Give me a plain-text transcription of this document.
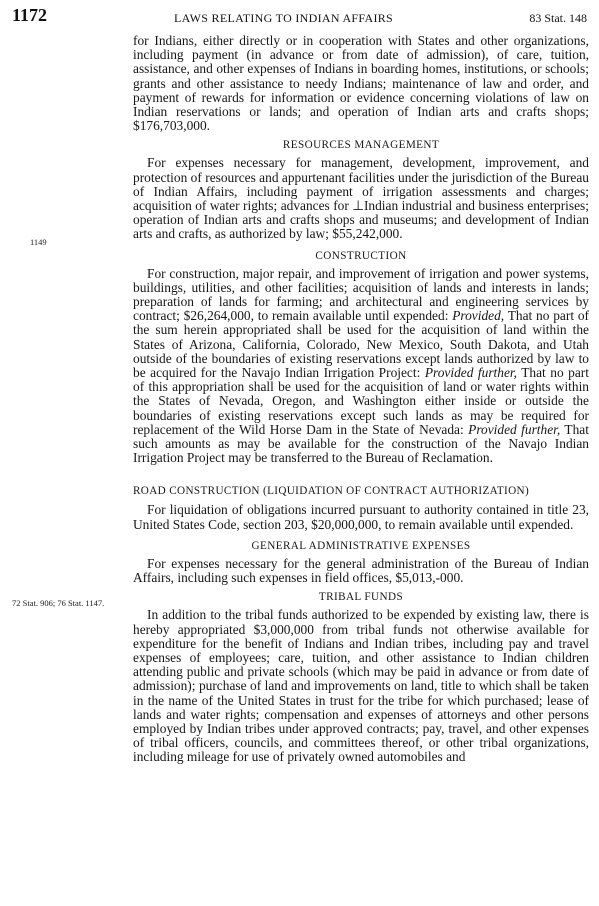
1172	LAWS RELATING TO INDIAN AFFAIRS	83 Stat. 148
1149
72 Stat. 906; 76 Stat. 1147.

for Indians, either directly or in cooperation with States and other organizations, including payment (in advance or from date of admission), of care, tuition, assistance, and other expenses of Indians in boarding homes, institutions, or schools; grants and other assistance to needy Indians; maintenance of law and order, and payment of rewards for information or evidence concerning violations of law on Indian reservations or lands; and operation of Indian arts and crafts shops; $176,703,000.

RESOURCES MANAGEMENT

For expenses necessary for management, development, improvement, and protection of resources and appurtenant facilities under the jurisdiction of the Bureau of Indian Affairs, including payment of irrigation assessments and charges; acquisition of water rights; advances for ⊥Indian industrial and business enterprises; operation of Indian arts and crafts shops and museums; and development of Indian arts and crafts, as authorized by law; $55,242,000.

CONSTRUCTION

For construction, major repair, and improvement of irrigation and power systems, buildings, utilities, and other facilities; acquisition of lands and interests in lands; preparation of lands for farming; and architectural and engineering services by contract; $26,264,000, to remain available until expended: Provided, That no part of the sum herein appropriated shall be used for the acquisition of land within the States of Arizona, California, Colorado, New Mexico, South Dakota, and Utah outside of the boundaries of existing reservations except lands authorized by law to be acquired for the Navajo Indian Irrigation Project: Provided further, That no part of this appropriation shall be used for the acquisition of land or water rights within the States of Nevada, Oregon, and Washington either inside or outside the boundaries of existing reservations except such lands as may be required for replacement of the Wild Horse Dam in the State of Nevada: Provided further, That such amounts as may be available for the construction of the Navajo Indian Irrigation Project may be transferred to the Bureau of Reclamation.

ROAD CONSTRUCTION (LIQUIDATION OF CONTRACT AUTHORIZATION)

For liquidation of obligations incurred pursuant to authority contained in title 23, United States Code, section 203, $20,000,000, to remain available until expended.

GENERAL ADMINISTRATIVE EXPENSES

For expenses necessary for the general administration of the Bureau of Indian Affairs, including such expenses in field offices, $5,013,-000.

TRIBAL FUNDS

In addition to the tribal funds authorized to be expended by existing law, there is hereby appropriated $3,000,000 from tribal funds not otherwise available for expenditure for the benefit of Indians and Indian tribes, including pay and travel expenses of employees; care, tuition, and other assistance to Indian children attending public and private schools (which may be paid in advance or from date of admission); purchase of land and improvements on land, title to which shall be taken in the name of the United States in trust for the tribe for which purchased; lease of lands and water rights; compensation and expenses of attorneys and other persons employed by Indian tribes under approved contracts; pay, travel, and other expenses of tribal officers, councils, and committees thereof, or other tribal organizations, including mileage for use of privately owned automobiles and
